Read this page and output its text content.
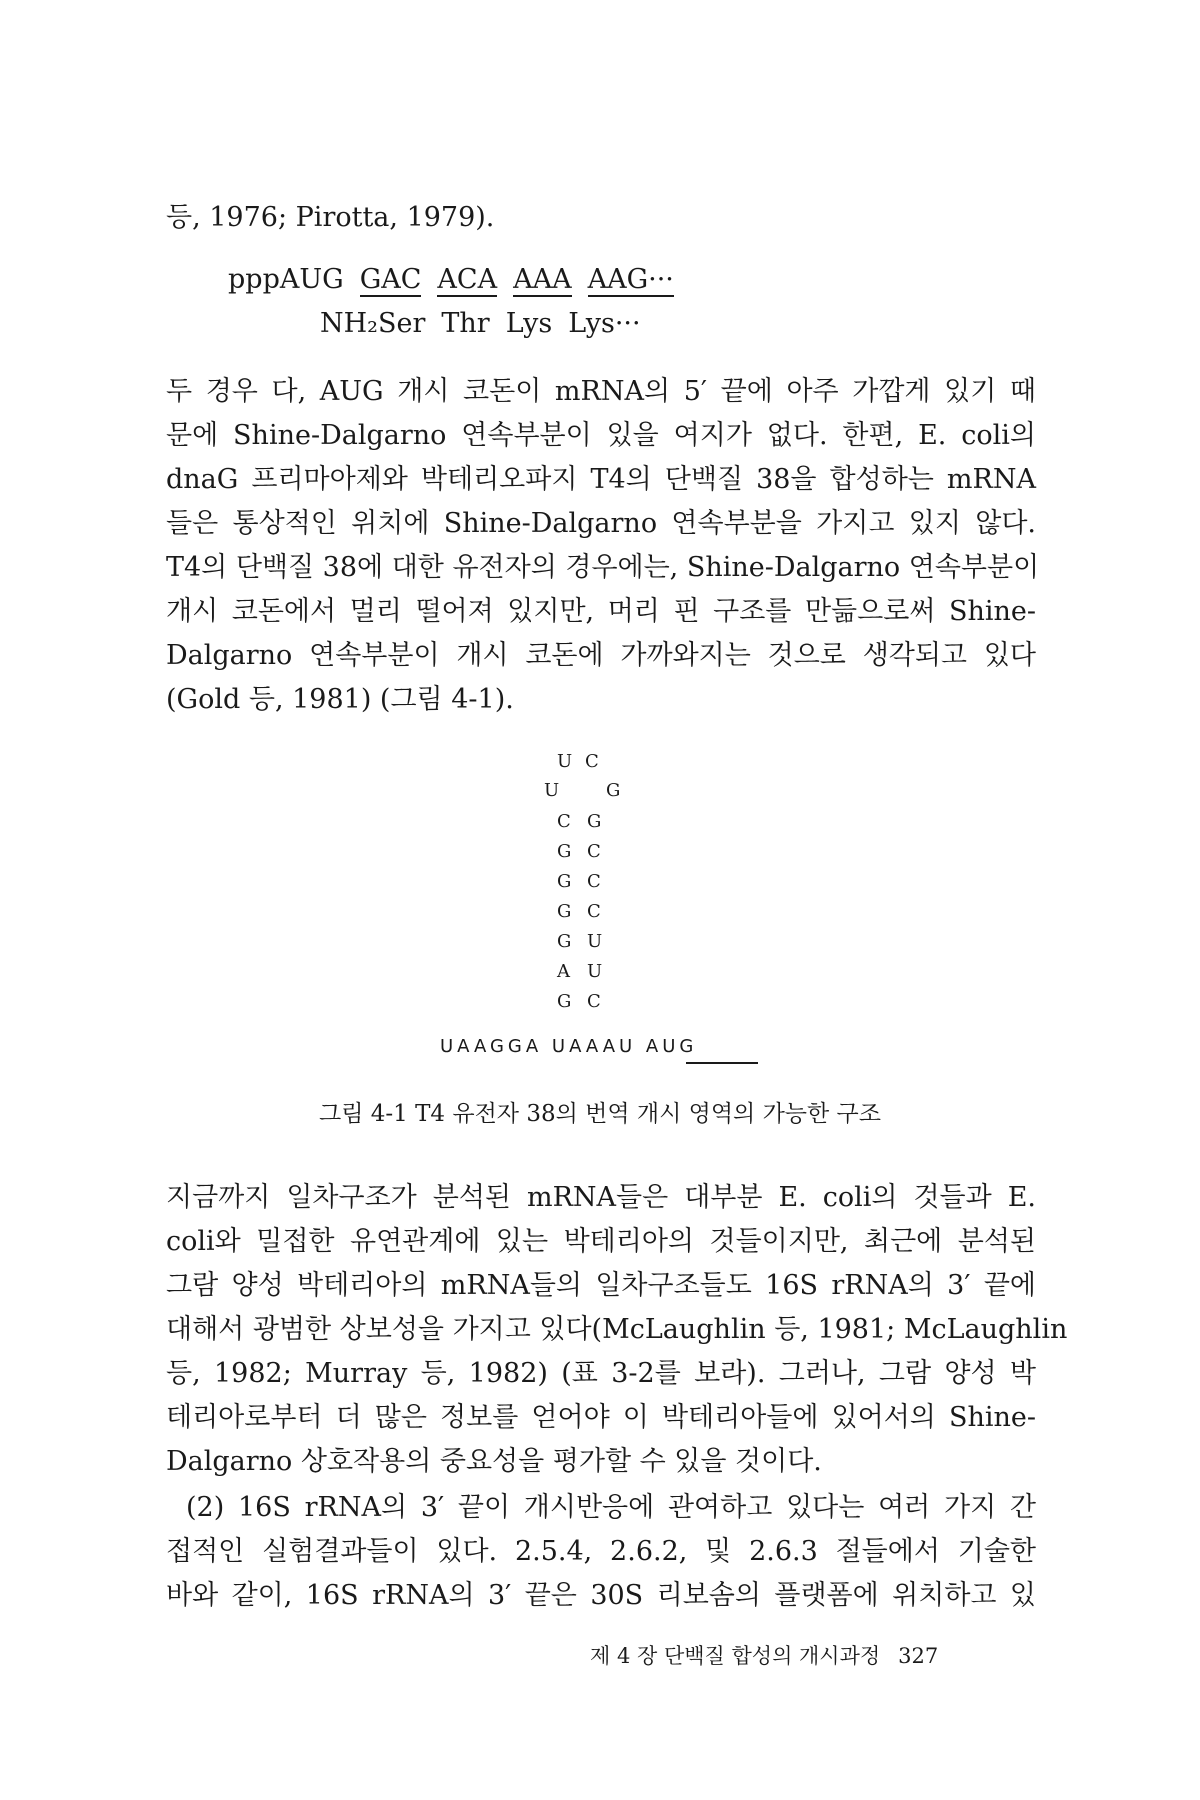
등, 1976; Pirotta, 1979).
pppAUG GAC ACA AAA AAG···
NH₂Ser Thr Lys Lys···
두 경우 다, AUG 개시 코돈이 mRNA의 5′ 끝에 아주 가깝게 있기 때
문에 Shine-Dalgarno 연속부분이 있을 여지가 없다. 한편, E. coli의
dnaG 프리마아제와 박테리오파지 T4의 단백질 38을 합성하는 mRNA
들은 통상적인 위치에 Shine-Dalgarno 연속부분을 가지고 있지 않다.
T4의 단백질 38에 대한 유전자의 경우에는, Shine-Dalgarno 연속부분이
개시 코돈에서 멀리 떨어져 있지만, 머리 핀 구조를 만듦으로써 Shine-
Dalgarno 연속부분이 개시 코돈에 가까와지는 것으로 생각되고 있다
(Gold 등, 1981) (그림 4-1).
U C
U	G
C G
G C
G C
G C
G U
A U
G C
UAAGGA UAAAU AUG
그림 4-1 T4 유전자 38의 번역 개시 영역의 가능한 구조
지금까지 일차구조가 분석된 mRNA들은 대부분 E. coli의 것들과 E.
coli와 밀접한 유연관계에 있는 박테리아의 것들이지만, 최근에 분석된
그람 양성 박테리아의 mRNA들의 일차구조들도 16S rRNA의 3′ 끝에
대해서 광범한 상보성을 가지고 있다(McLaughlin 등, 1981; McLaughlin
등, 1982; Murray 등, 1982) (표 3-2를 보라). 그러나, 그람 양성 박
테리아로부터 더 많은 정보를 얻어야 이 박테리아들에 있어서의 Shine-
Dalgarno 상호작용의 중요성을 평가할 수 있을 것이다.
(2) 16S rRNA의 3′ 끝이 개시반응에 관여하고 있다는 여러 가지 간
접적인 실험결과들이 있다. 2.5.4, 2.6.2, 및 2.6.3 절들에서 기술한
바와 같이, 16S rRNA의 3′ 끝은 30S 리보솜의 플랫폼에 위치하고 있
제 4 장 단백질 합성의 개시과정 327
